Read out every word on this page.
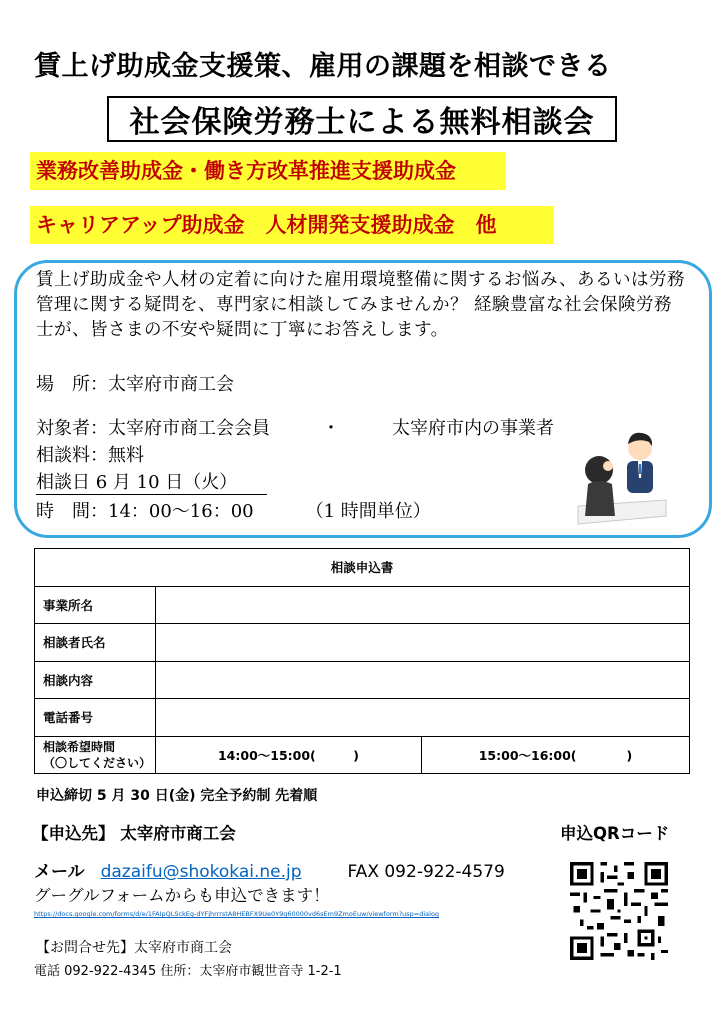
賃上げ助成金支援策、雇用の課題を相談できる
社会保険労務士による無料相談会
業務改善助成金・働き方改革推進支援助成金
キャリアアップ助成金　人材開発支援助成金　他
賃上げ助成金や人材の定着に向けた雇用環境整備に関するお悩み、あるいは労務管理に関する疑問を、専門家に相談してみませんか？ 経験豊富な社会保険労務士が、皆さまの不安や疑問に丁寧にお答えします。
場　所：太宰府市商工会
対象者：太宰府市商工会会員	・	太宰府市内の事業者
相談料：無料
相談日 6 月 10 日（火）
時　間：14：00〜16：00	（1 時間単位）
相談申込書		
事業所名		
相談者氏名		
相談内容		
電話番号		

相談希望時間
（〇してください）	14:00〜15:00(　　　)	15:00〜16:00(　　　　)
申込締切 5 月 30 日(金) 完全予約制 先着順
【申込先】 太宰府市商工会	申込QRコード
メール dazaifu@shokokai.ne.jp	FAX 092-922-4579
グーグルフォームからも申込できます！
https://docs.google.com/forms/d/e/1FAIpQLSckEg-dYFjhrrrstA8HEBFX9Ue0Y9g60000vd6sEm9ZmoEuw/viewform?usp=dialog
【お問合せ先】太宰府市商工会
電話 092-922-4345 住所：太宰府市観世音寺 1-2-1
